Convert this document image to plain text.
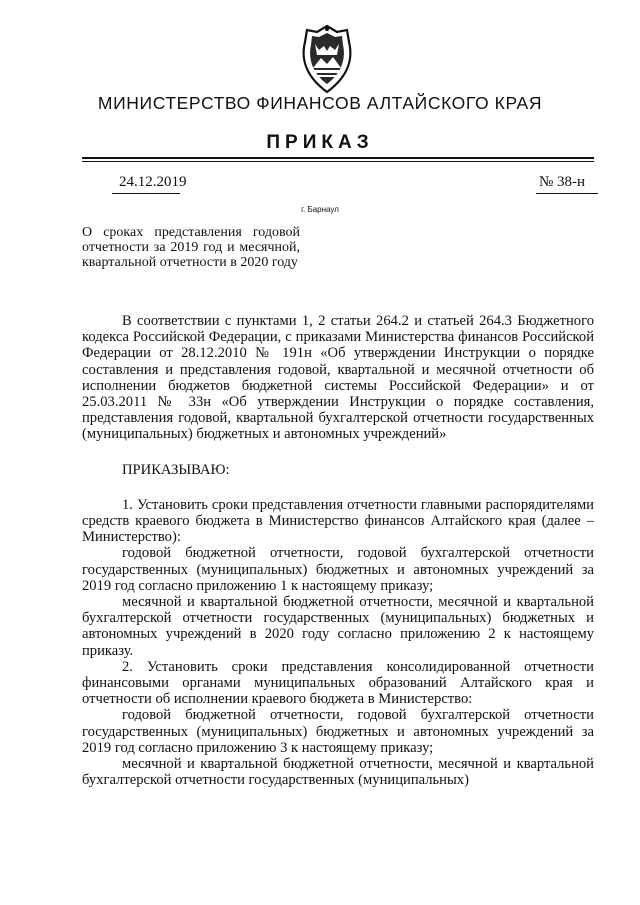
МИНИСТЕРСТВО ФИНАНСОВ АЛТАЙСКОГО КРАЯ
ПРИКАЗ
24.12.2019	№ 38-н
г. Барнаул
О сроках представления годовой отчетности за 2019 год и месячной, квартальной отчетности в 2020 году

В соответствии с пунктами 1, 2 статьи 264.2 и статьей 264.3 Бюджетного кодекса Российской Федерации, с приказами Министерства финансов Российской Федерации от 28.12.2010 № 191н «Об утверждении Инструкции о порядке составления и представления годовой, квартальной и месячной отчетности об исполнении бюджетов бюджетной системы Российской Федерации» и от 25.03.2011 № 33н «Об утверждении Инструкции о порядке составления, представления годовой, квартальной бухгалтерской отчетности государственных (муниципальных) бюджетных и автономных учреждений»

ПРИКАЗЫВАЮ:

1. Установить сроки представления отчетности главными распорядителями средств краевого бюджета в Министерство финансов Алтайского края (далее – Министерство):

годовой бюджетной отчетности, годовой бухгалтерской отчетности государственных (муниципальных) бюджетных и автономных учреждений за 2019 год согласно приложению 1 к настоящему приказу;

месячной и квартальной бюджетной отчетности, месячной и квартальной бухгалтерской отчетности государственных (муниципальных) бюджетных и автономных учреждений в 2020 году согласно приложению 2 к настоящему приказу.

2. Установить сроки представления консолидированной отчетности финансовыми органами муниципальных образований Алтайского края и отчетности об исполнении краевого бюджета в Министерство:

годовой бюджетной отчетности, годовой бухгалтерской отчетности государственных (муниципальных) бюджетных и автономных учреждений за 2019 год согласно приложению 3 к настоящему приказу;

месячной и квартальной бюджетной отчетности, месячной и квартальной бухгалтерской отчетности государственных (муниципальных)
